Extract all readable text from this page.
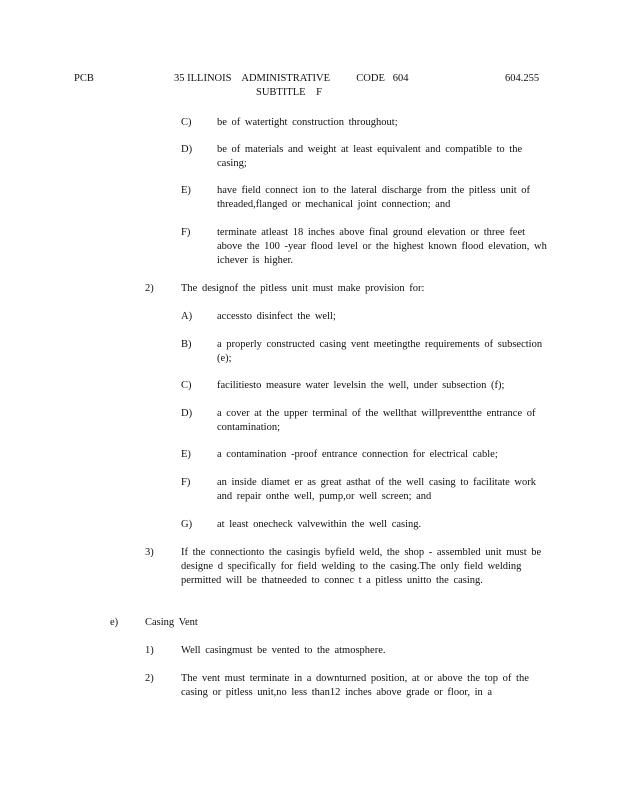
PCB	35 ILLINOIS    ADMINISTRATIVE          CODE   604
SUBTITLE    F
604.255
C) be of watertight construction throughout;
D) be of materials and weight at least equivalent and compatible to the casing;
E) have field connect ion to the lateral discharge from the pitless unit of threaded,flanged or mechanical joint connection; and
F)	terminate atleast 18 inches above final ground elevation or three feet above the 100 -year flood level or the highest known flood elevation, wh ichever is higher.
2)	The designof the pitless unit must make provision for:
A) accessto disinfect the well;
B) a properly constructed casing vent meetingthe requirements of subsection (e);
C) facilitiesto measure water levelsin the well, under subsection (f);
D) a cover at the upper terminal of the wellthat willpreventthe entrance of contamination;
E) a contamination -proof entrance connection for electrical cable;
F)	an inside diamet er as great asthat of the well casing to facilitate work and repair onthe well, pump,or well screen; and
G) at least onecheck valvewithin the well casing.
3)	If the connectionto the casingis byfield weld, the shop - assembled unit must be designe d specifically for field welding to the casing.The only field welding permitted will be thatneeded to connec t a pitless unitto the casing.
e)	Casing Vent
1)	Well casingmust be vented to the atmosphere.
2)	The vent must terminate in a downturned position, at or above the top of the casing or pitless unit,no less than12 inches above grade or floor, in a
